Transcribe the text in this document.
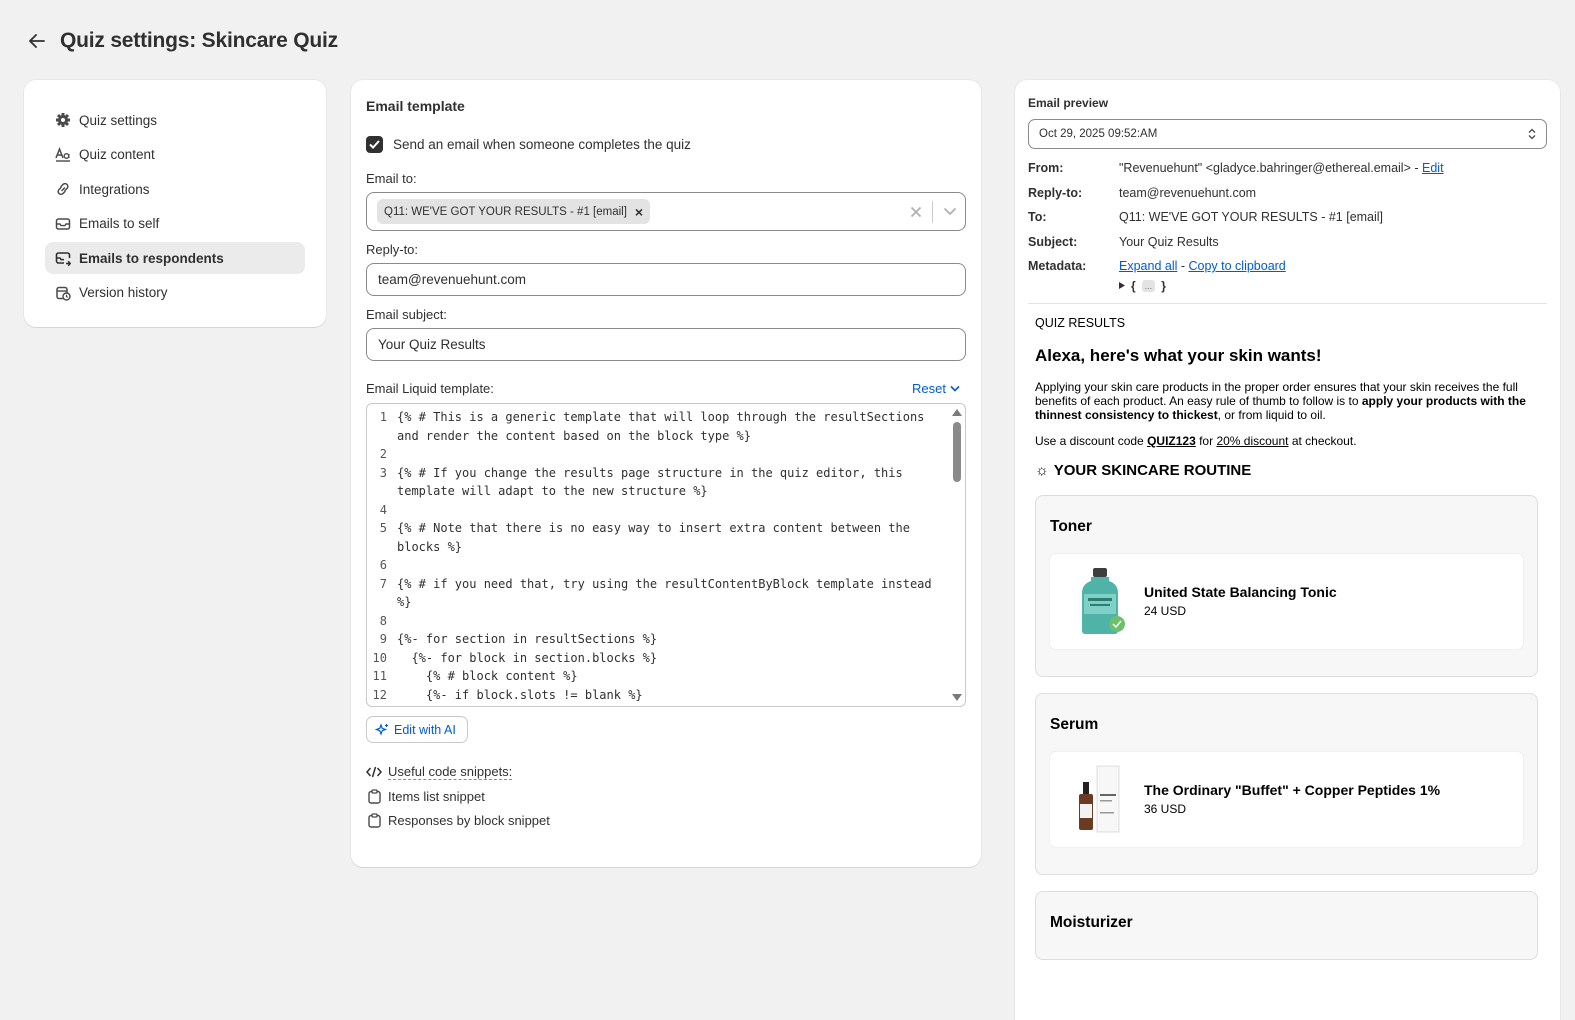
Quiz settings: Skincare Quiz
Quiz settings
Quiz content
Integrations
Emails to self
Emails to respondents
Version history
Email template
Send an email when someone completes the quiz
Email to:
Q11: WE'VE GOT YOUR RESULTS - #1 [email] ×
Reply-to:
team@revenuehunt.com
Email subject:
Your Quiz Results
Email Liquid template:	Reset
1 {% # This is a generic template that will loop through the resultSections and render the content based on the block type %}
2
3 {% # If you change the results page structure in the quiz editor, this template will adapt to the new structure %}
4
5 {% # Note that there is no easy way to insert extra content between the blocks %}
6
7 {% # if you need that, try using the resultContentByBlock template instead %}
8
9 {%- for section in resultSections %}
10 {%- for block in section.blocks %}
11 {% # block content %}
12 {%- if block.slots != blank %}
Edit with AI
Useful code snippets:
Items list snippet
Responses by block snippet
Email preview
Oct 29, 2025 09:52:AM
From:	"Revenuehunt" <gladyce.bahringer@ethereal.email> - Edit
Reply-to:	team@revenuehunt.com
To:	Q11: WE'VE GOT YOUR RESULTS - #1 [email]
Subject:	Your Quiz Results
Metadata:	Expand all - Copy to clipboard
{	... }
QUIZ RESULTS
Alexa, here's what your skin wants!
Applying your skin care products in the proper order ensures that your skin receives the full benefits of each product. An easy rule of thumb to follow is to apply your products with the thinnest consistency to thickest, or from liquid to oil.
Use a discount code QUIZ123 for 20% discount at checkout.
☼ YOUR SKINCARE ROUTINE
Toner
United State Balancing Tonic
24 USD
Serum
The Ordinary "Buffet" + Copper Peptides 1%
36 USD
Moisturizer
